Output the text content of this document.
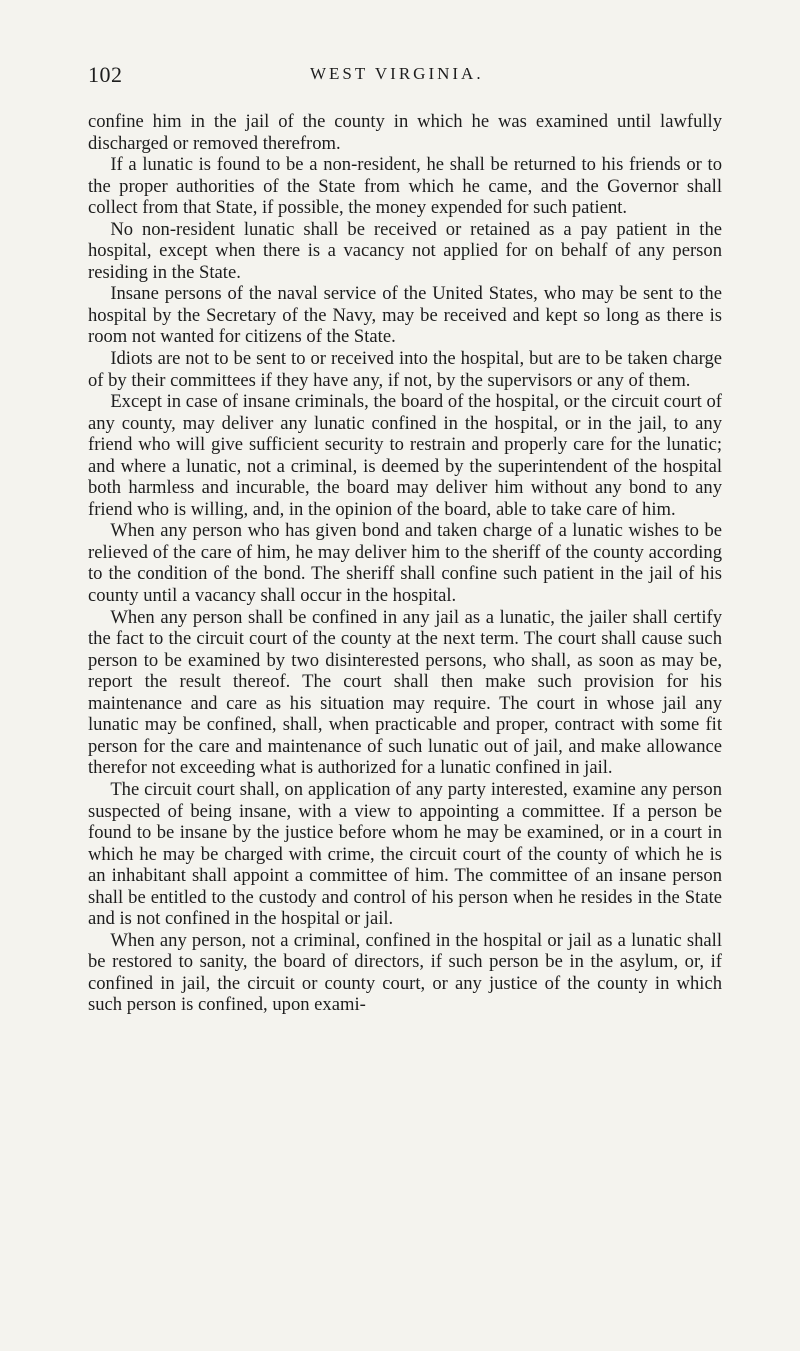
102	WEST VIRGINIA.

confine him in the jail of the county in which he was examined until lawfully discharged or removed therefrom.

If a lunatic is found to be a non-resident, he shall be returned to his friends or to the proper authorities of the State from which he came, and the Governor shall collect from that State, if possible, the money expended for such patient.

No non-resident lunatic shall be received or retained as a pay patient in the hospital, except when there is a vacancy not applied for on behalf of any person residing in the State.

Insane persons of the naval service of the United States, who may be sent to the hospital by the Secretary of the Navy, may be received and kept so long as there is room not wanted for citizens of the State.

Idiots are not to be sent to or received into the hospital, but are to be taken charge of by their committees if they have any, if not, by the supervisors or any of them.

Except in case of insane criminals, the board of the hospital, or the circuit court of any county, may deliver any lunatic confined in the hospital, or in the jail, to any friend who will give sufficient security to restrain and properly care for the lunatic; and where a lunatic, not a criminal, is deemed by the superintendent of the hospital both harmless and incurable, the board may deliver him without any bond to any friend who is willing, and, in the opinion of the board, able to take care of him.

When any person who has given bond and taken charge of a lunatic wishes to be relieved of the care of him, he may deliver him to the sheriff of the county according to the condition of the bond. The sheriff shall confine such patient in the jail of his county until a vacancy shall occur in the hospital.

When any person shall be confined in any jail as a lunatic, the jailer shall certify the fact to the circuit court of the county at the next term. The court shall cause such person to be examined by two disinterested persons, who shall, as soon as may be, report the result thereof. The court shall then make such provision for his maintenance and care as his situation may require. The court in whose jail any lunatic may be confined, shall, when practicable and proper, contract with some fit person for the care and maintenance of such lunatic out of jail, and make allowance therefor not exceeding what is authorized for a lunatic confined in jail.

The circuit court shall, on application of any party interested, examine any person suspected of being insane, with a view to appointing a committee. If a person be found to be insane by the justice before whom he may be examined, or in a court in which he may be charged with crime, the circuit court of the county of which he is an inhabitant shall appoint a committee of him. The committee of an insane person shall be entitled to the custody and control of his person when he resides in the State and is not confined in the hospital or jail.

When any person, not a criminal, confined in the hospital or jail as a lunatic shall be restored to sanity, the board of directors, if such person be in the asylum, or, if confined in jail, the circuit or county court, or any justice of the county in which such person is confined, upon exami-
